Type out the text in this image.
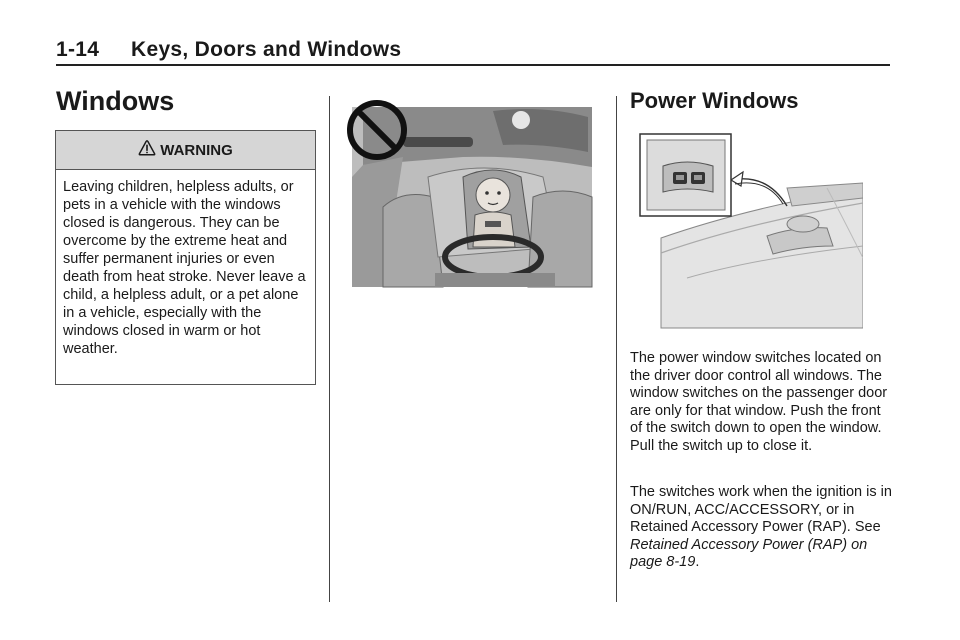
1-14 Keys, Doors and Windows
Windows
WARNING
Leaving children, helpless adults, or pets in a vehicle with the windows closed is dangerous. They can be overcome by the extreme heat and suffer permanent injuries or even death from heat stroke. Never leave a child, a helpless adult, or a pet alone in a vehicle, especially with the windows closed in warm or hot weather.
Power Windows
The power window switches located on the driver door control all windows. The window switches on the passenger door are only for that window. Push the front of the switch down to open the window. Pull the switch up to close it.
The switches work when the ignition is in ON/RUN, ACC/ACCESSORY, or in Retained Accessory Power (RAP). See Retained Accessory Power (RAP) on page 8-19.
